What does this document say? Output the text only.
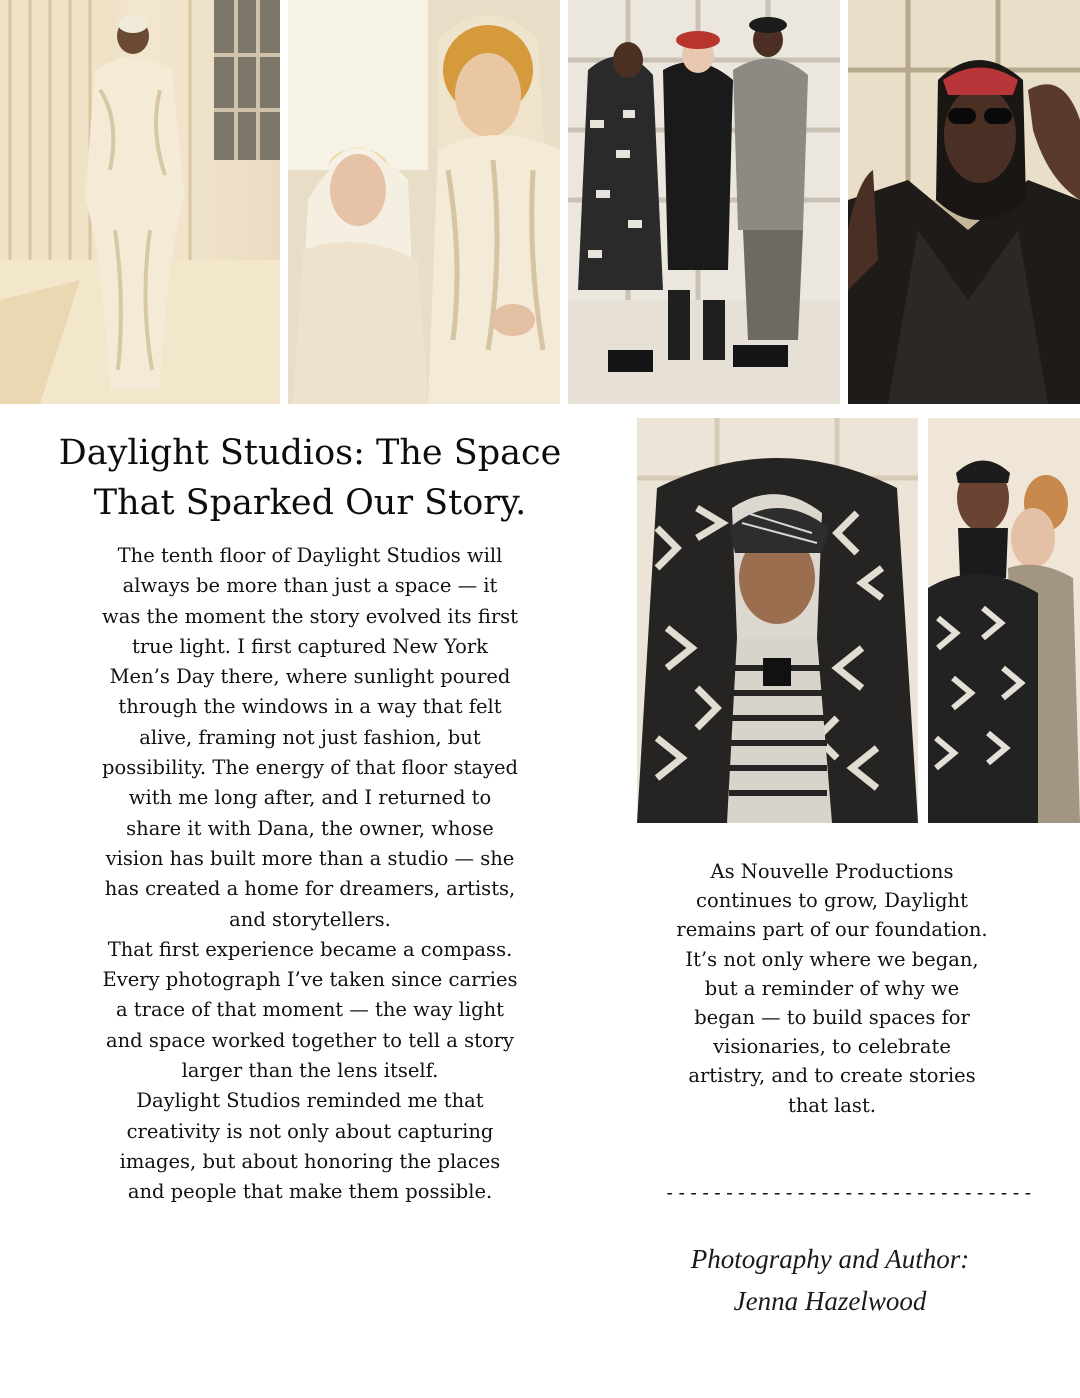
Daylight Studios: The Space
That Sparked Our Story.

The tenth floor of Daylight Studios will always be more than just a space — it was the moment the story evolved its first true light. I first captured New York Men’s Day there, where sunlight poured through the windows in a way that felt alive, framing not just fashion, but possibility. The energy of that floor stayed with me long after, and I returned to share it with Dana, the owner, whose vision has built more than a studio — she has created a home for dreamers, artists, and storytellers.

That first experience became a compass. Every photograph I’ve taken since carries a trace of that moment — the way light and space worked together to tell a story larger than the lens itself.

Daylight Studios reminded me that creativity is not only about capturing images, but about honoring the places and people that make them possible.

As Nouvelle Productions continues to grow, Daylight remains part of our foundation. It’s not only where we began, but a reminder of why we began — to build spaces for visionaries, to celebrate artistry, and to create stories that last.

-------------------------------
Photography and Author:
Jenna Hazelwood
